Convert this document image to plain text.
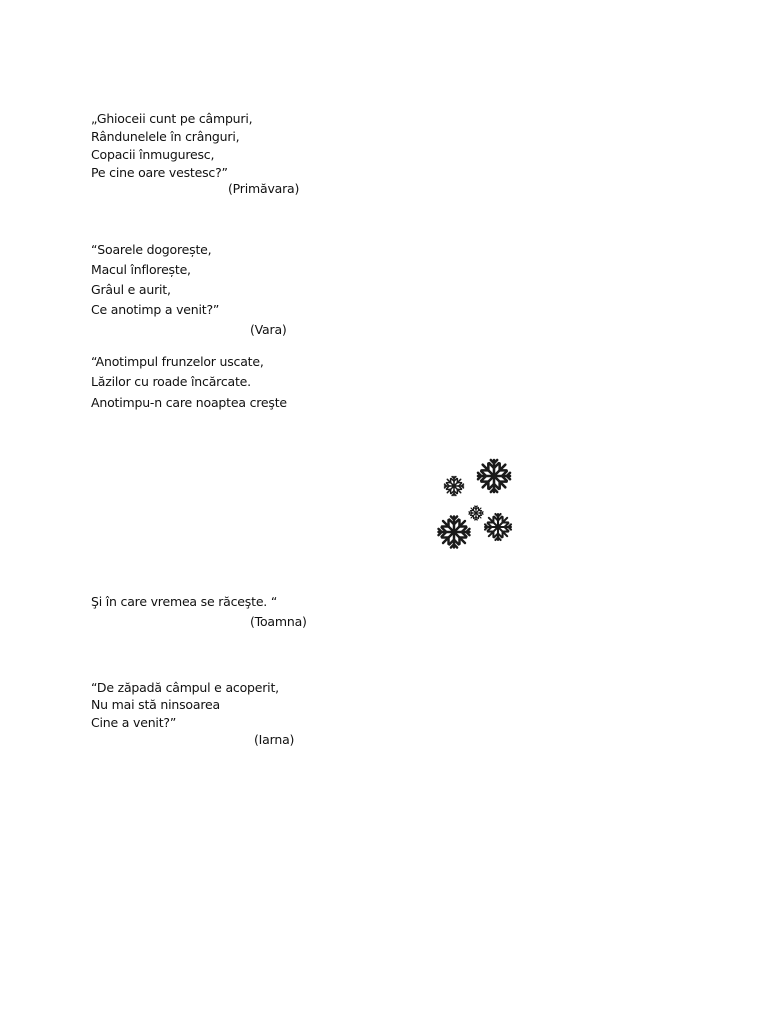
„Ghioceii cunt pe câmpuri,
Rândunelele în crânguri,
Copacii înmuguresc,
Pe cine oare vestesc?”
(Primăvara)
“Soarele dogorește,
Macul înflorește,
Grâul e aurit,
Ce anotimp a venit?”
(Vara)
“Anotimpul frunzelor uscate,
Lăzilor cu roade încărcate.
Anotimpu-n care noaptea creşte
Şi în care vremea se răceşte. “
(Toamna)
“De zăpadă câmpul e acoperit,
Nu mai stă ninsoarea
Cine a venit?”
(Iarna)
